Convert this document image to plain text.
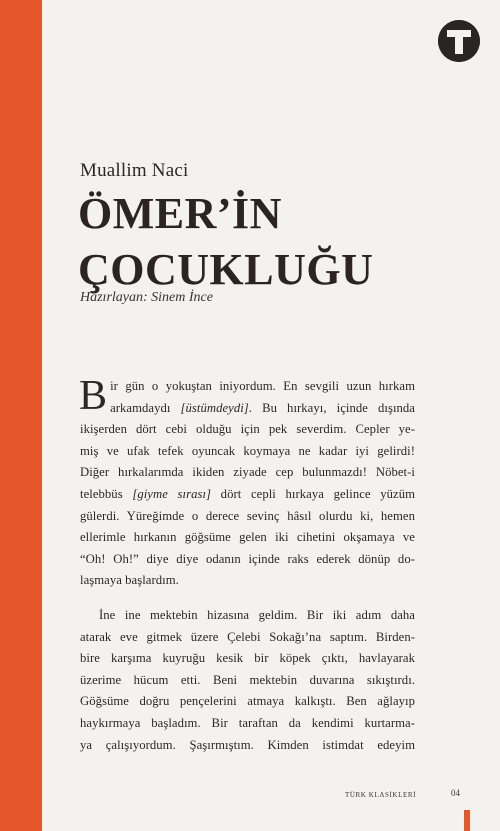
Muallim Naci
ÖMER’İN
ÇOCUKLUĞU
Hazırlayan: Sinem İnce
B ir gün o yokuştan iniyordum. En sevgili uzun hırkam
arkamdaydı [üstümdeydi]. Bu hırkayı, içinde dışında
ikişerden dört cebi olduğu için pek severdim. Cepler ye-
miş ve ufak tefek oyuncak koymaya ne kadar iyi gelirdi!
Diğer hırkalarımda ikiden ziyade cep bulunmazdı! Nöbet-i
telebbüs [giyme sırası] dört cepli hırkaya gelince yüzüm
gülerdi. Yüreğimde o derece sevinç hâsıl olurdu ki, hemen
ellerimle hırkanın göğsüme gelen iki cihetini okşamaya ve
“Oh! Oh!” diye diye odanın içinde raks ederek dönüp do-
laşmaya başlardım.
İne ine mektebin hizasına geldim. Bir iki adım daha
atarak eve gitmek üzere Çelebi Sokağı’na saptım. Birden-
bire karşıma kuyruğu kesik bir köpek çıktı, havlayarak
üzerime hücum etti. Beni mektebin duvarına sıkıştırdı.
Göğsüme doğru pençelerini atmaya kalkıştı. Ben ağlayıp
haykırmaya başladım. Bir taraftan da kendimi kurtarma-
ya çalışıyordum. Şaşırmıştım. Kimden istimdat edeyim
TÜRK KLASİKLERİ	04
